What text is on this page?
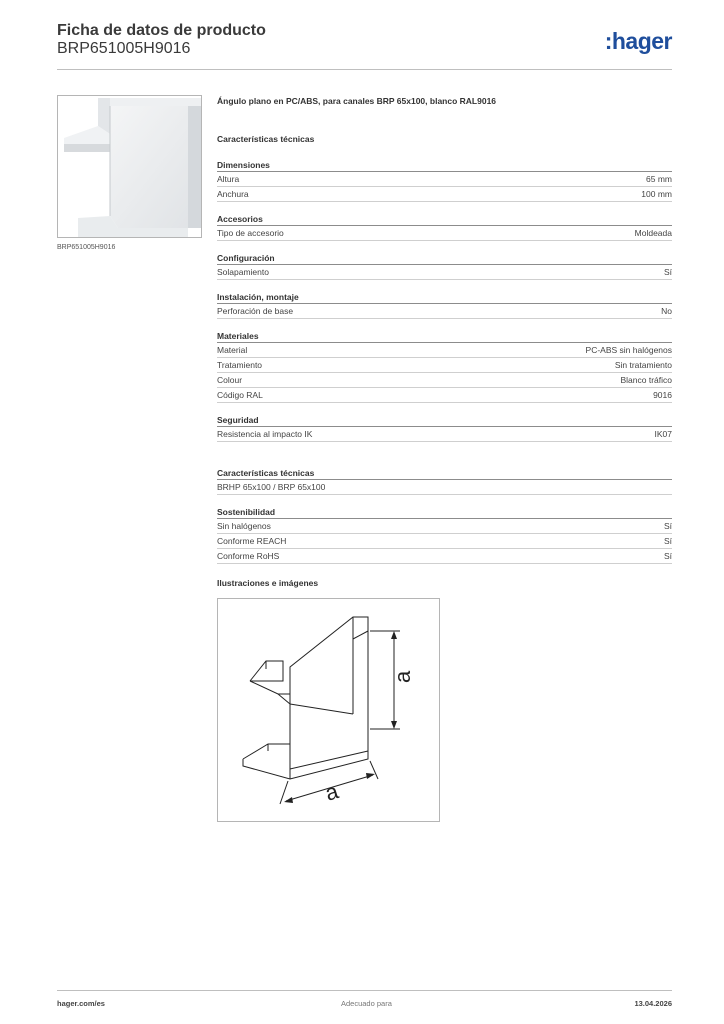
Ficha de datos de producto
BRP651005H9016	:hager
BRP651005H9016
Ángulo plano en PC/ABS, para canales BRP 65x100, blanco RAL9016
Características técnicas
Dimensiones
Altura	65 mm
Anchura	100 mm
Accesorios
Tipo de accesorio	Moldeada
Configuración
Solapamiento	Sí
Instalación, montaje
Perforación de base	No
Materiales
Material	PC-ABS sin halógenos
Tratamiento	Sin tratamiento
Colour	Blanco tráfico
Código RAL	9016
Seguridad
Resistencia al impacto IK	IK07
Características técnicas
BRHP 65x100 / BRP 65x100
Sostenibilidad
Sin halógenos	Sí
Conforme REACH	Sí
Conforme RoHS	Sí
Ilustraciones e imágenes
a
a
hager.com/es	Adecuado para	13.04.2026
